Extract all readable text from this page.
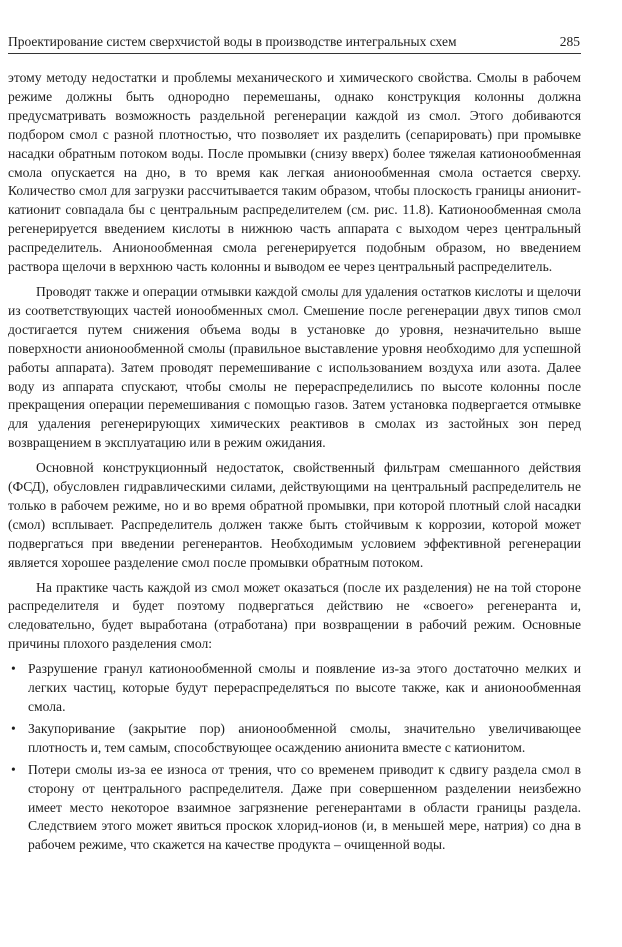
Проектирование систем сверхчистой воды в производстве интегральных схем	285

этому методу недостатки и проблемы механического и химического свойства. Смолы в рабочем режиме должны быть однородно перемешаны, однако конструкция колонны должна предусматривать возможность раздельной регенерации каждой из смол. Этого добиваются подбором смол с разной плотностью, что позволяет их разделить (сепарировать) при промывке насадки обратным потоком воды. После промывки (снизу вверх) более тяжелая катионообменная смола опускается на дно, в то время как легкая анионообменная смола остается сверху. Количество смол для загрузки рассчитывается таким образом, чтобы плоскость границы анионит-катионит совпадала бы с центральным распределителем (см. рис. 11.8). Катионообменная смола регенерируется введением кислоты в нижнюю часть аппарата с выходом через центральный распределитель. Анионообменная смола регенерируется подобным образом, но введением раствора щелочи в верхнюю часть колонны и выводом ее через центральный распределитель.

Проводят также и операции отмывки каждой смолы для удаления остатков кислоты и щелочи из соответствующих частей ионообменных смол. Смешение после регенерации двух типов смол достигается путем снижения объема воды в установке до уровня, незначительно выше поверхности анионообменной смолы (правильное выставление уровня необходимо для успешной работы аппарата). Затем проводят перемешивание с использованием воздуха или азота. Далее воду из аппарата спускают, чтобы смолы не перераспределились по высоте колонны после прекращения операции перемешивания с помощью газов. Затем установка подвергается отмывке для удаления регенерирующих химических реактивов в смолах из застойных зон перед возвращением в эксплуатацию или в режим ожидания.

Основной конструкционный недостаток, свойственный фильтрам смешанного действия (ФСД), обусловлен гидравлическими силами, действующими на центральный распределитель не только в рабочем режиме, но и во время обратной промывки, при которой плотный слой насадки (смол) всплывает. Распределитель должен также быть стойчивым к коррозии, которой может подвергаться при введении регенерантов. Необходимым условием эффективной регенерации является хорошее разделение смол после промывки обратным потоком.

На практике часть каждой из смол может оказаться (после их разделения) не на той стороне распределителя и будет поэтому подвергаться действию не «своего» регенеранта и, следовательно, будет выработана (отработана) при возвращении в рабочий режим. Основные причины плохого разделения смол:

• Разрушение гранул катионообменной смолы и появление из-за этого достаточно мелких и легких частиц, которые будут перераспределяться по высоте также, как и анионообменная смола.
• Закупоривание (закрытие пор) анионообменной смолы, значительно увеличивающее плотность и, тем самым, способствующее осаждению анионита вместе с катионитом.
• Потери смолы из-за ее износа от трения, что со временем приводит к сдвигу раздела смол в сторону от центрального распределителя. Даже при совершенном разделении неизбежно имеет место некоторое взаимное загрязнение регенерантами в области границы раздела. Следствием этого может явиться проскок хлорид-ионов (и, в меньшей мере, натрия) со дна в рабочем режиме, что скажется на качестве продукта – очищенной воды.
